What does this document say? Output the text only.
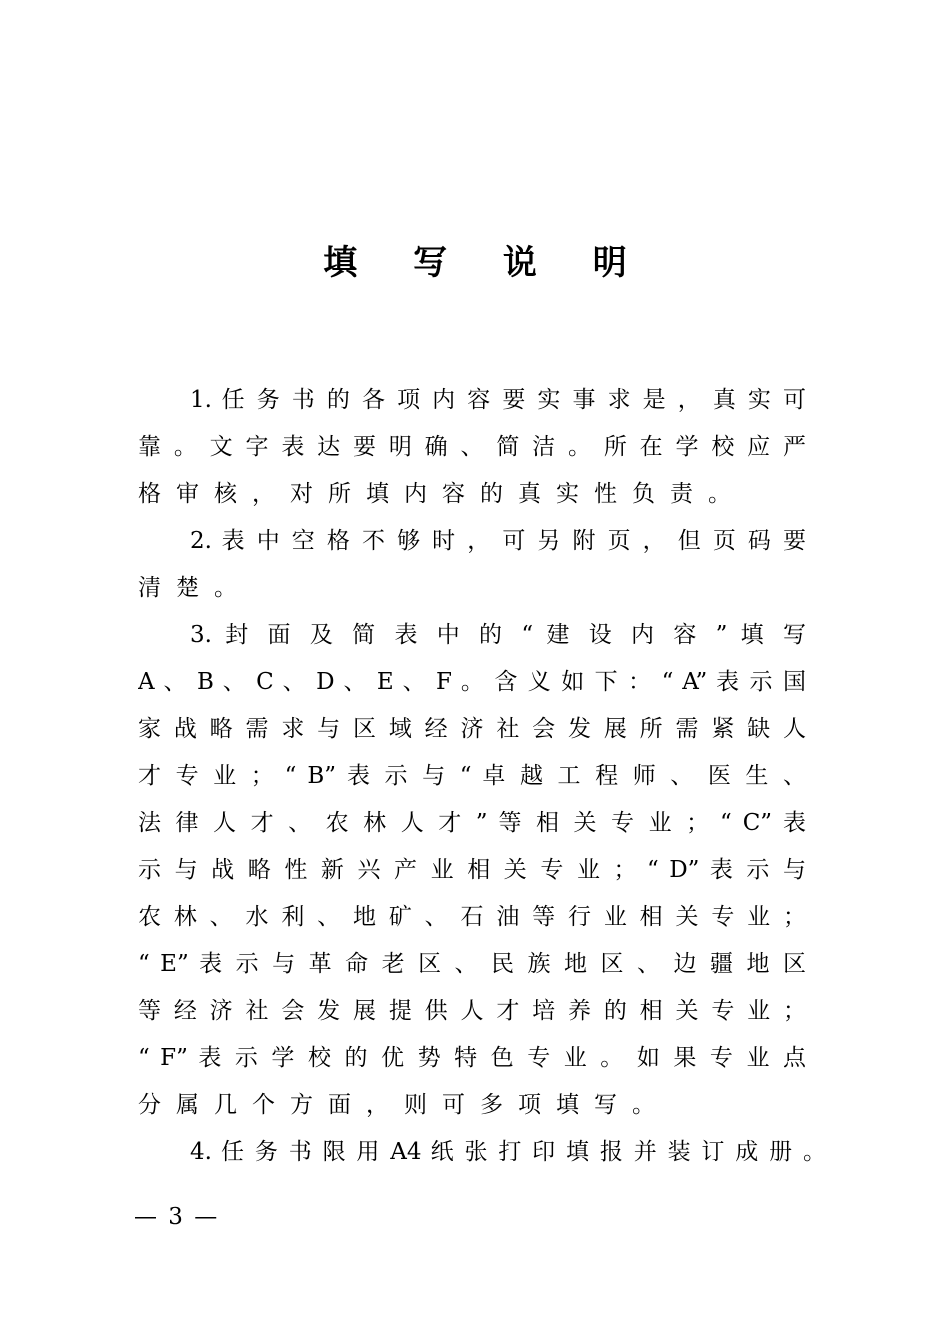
填 写 说 明
1. 任 务 书 的 各 项 内 容 要 实 事 求 是 ， 真 实 可
靠 。 文 字 表 达 要 明 确 、 简 洁 。 所 在 学 校 应 严
格审核，对所填内容的真实性负责。
2. 表 中 空 格 不 够 时 ， 可 另 附 页 ， 但 页 码 要
清楚。
3. 封 面 及 简 表 中 的 “ 建 设 内 容 ” 填 写
A 、 B 、 C 、 D 、 E 、 F 。 含 义 如 下 ： “ A” 表 示 国
家 战 略 需 求 与 区 域 经 济 社 会 发 展 所 需 紧 缺 人
才 专 业 ； “ B” 表 示 与 “ 卓 越 工 程 师 、 医 生 、
法 律 人 才 、 农 林 人 才 ” 等 相 关 专 业 ； “ C” 表
示 与 战 略 性 新 兴 产 业 相 关 专 业 ； “ D” 表 示 与
农 林 、 水 利 、 地 矿 、 石 油 等 行 业 相 关 专 业 ；
“ E” 表 示 与 革 命 老 区 、 民 族 地 区 、 边 疆 地 区
等 经 济 社 会 发 展 提 供 人 才 培 养 的 相 关 专 业 ；
“ F” 表 示 学 校 的 优 势 特 色 专 业 。 如 果 专 业 点
分属几个方面，则可多项填写。
4. 任 务 书 限 用 A4 纸 张 打 印 填 报 并 装 订 成 册 。
— 3 —
